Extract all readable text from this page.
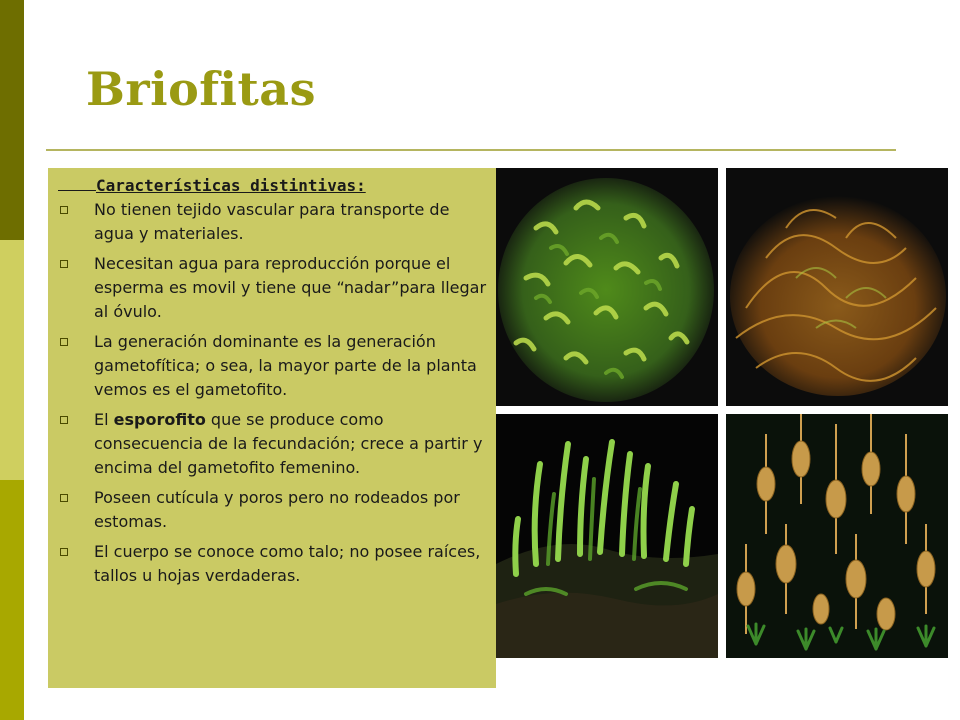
Briofitas

Características distintivas:

No tienen tejido vascular para transporte de agua y materiales.
Necesitan agua para reproducción porque el esperma es movil y tiene que “nadar”para llegar al óvulo.
La generación dominante es la generación gametofítica; o sea, la mayor parte de la planta vemos es el gametofito.
El esporofito que se produce como consecuencia de la fecundación; crece a partir y encima del gametofito femenino.
Poseen cutícula y poros pero no rodeados por estomas.
El cuerpo se conoce como talo; no posee raíces, tallos u hojas verdaderas.
